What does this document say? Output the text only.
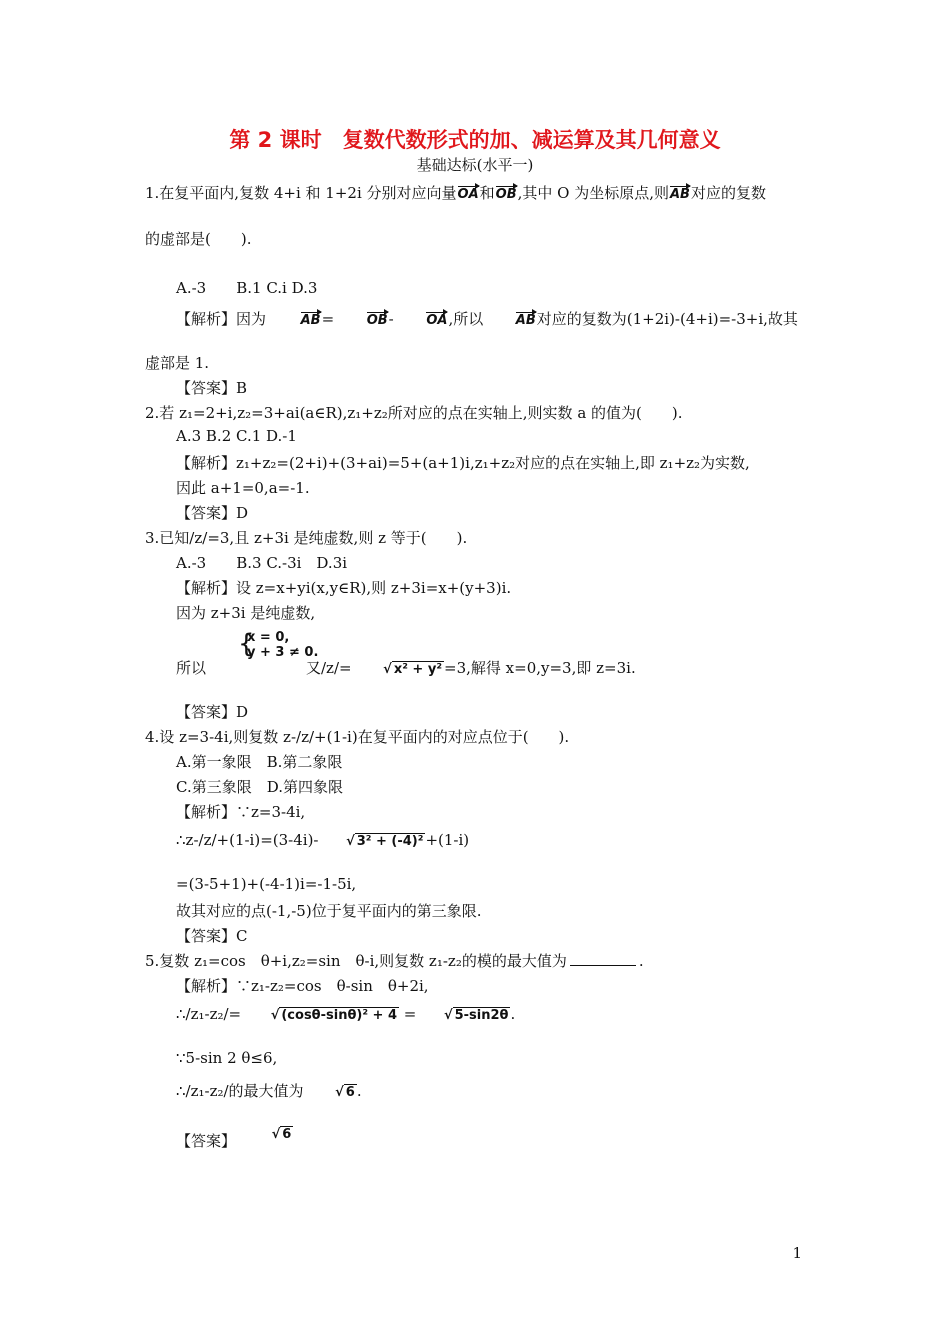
第 2 课时　复数代数形式的加、减运算及其几何意义
基础达标(水平一)
1.在复平面内,复数 4+i 和 1+2i 分别对应向量OA和OB,其中 O 为坐标原点,则AB对应的复数
的虚部是(　　).
A.-3　　B.1 C.i D.3
【解析】因为	AB=	OB-	OA,所以	AB对应的复数为(1+2i)-(4+i)=-3+i,故其
虚部是 1.
【答案】B
2.若 z₁=2+i,z₂=3+ai(a∈R),z₁+z₂所对应的点在实轴上,则实数 a 的值为(　　).
A.3 B.2 C.1 D.-1
【解析】z₁+z₂=(2+i)+(3+ai)=5+(a+1)i,z₁+z₂对应的点在实轴上,即 z₁+z₂为实数,
因此 a+1=0,a=-1.
【答案】D
3.已知/z/=3,且 z+3i 是纯虚数,则 z 等于(　　).
A.-3　　B.3 C.-3i　D.3i
【解析】设 z=x+yi(x,y∈R),则 z+3i=x+(y+3)i.
因为 z+3i 是纯虚数,
{
x = 0,
y + 3 ≠ 0.
所以	又/z/= √ x² + y² =3,解得 x=0,y=3,即 z=3i.
【答案】D
4.设 z=3-4i,则复数 z-/z/+(1-i)在复平面内的对应点位于(　　).
A.第一象限　B.第二象限
C.第三象限　D.第四象限
【解析】∵z=3-4i,
∴z-/z/+(1-i)=(3-4i)- √ 3² + (-4)² +(1-i)
=(3-5+1)+(-4-1)i=-1-5i,
故其对应的点(-1,-5)位于复平面内的第三象限.
【答案】C
5.复数 z₁=cos　θ+i,z₂=sin　θ-i,则复数 z₁-z₂的模的最大值为	.
【解析】∵z₁-z₂=cos　θ-sin　θ+2i,
∴/z₁-z₂/= √ (cosθ-sinθ)² + 4 = √ 5-sin2θ .
∵5-sin 2 θ≤6,
∴/z₁-z₂/的最大值为 √ 6 .
【答案】	√ 6
1
